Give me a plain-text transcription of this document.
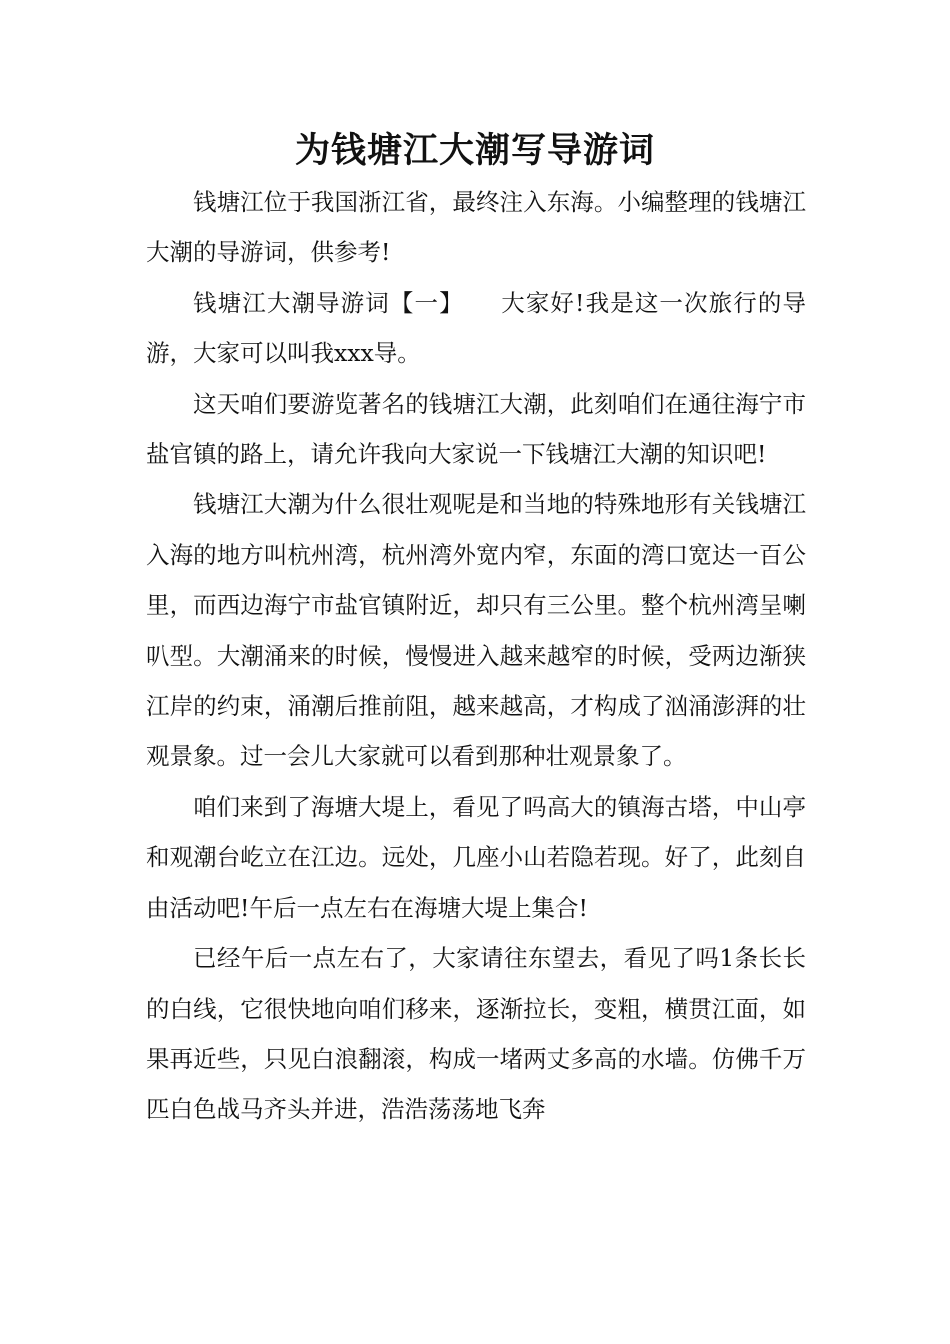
为钱塘江大潮写导游词

钱塘江位于我国浙江省，最终注入东海。小编整理的钱塘江大潮的导游词，供参考!

钱塘江大潮导游词【一】　　大家好!我是这一次旅行的导游，大家可以叫我xxx导。

这天咱们要游览著名的钱塘江大潮，此刻咱们在通往海宁市盐官镇的路上，请允许我向大家说一下钱塘江大潮的知识吧!

钱塘江大潮为什么很壮观呢是和当地的特殊地形有关钱塘江入海的地方叫杭州湾，杭州湾外宽内窄，东面的湾口宽达一百公里，而西边海宁市盐官镇附近，却只有三公里。整个杭州湾呈喇叭型。大潮涌来的时候，慢慢进入越来越窄的时候，受两边渐狭江岸的约束，涌潮后推前阻，越来越高，才构成了汹涌澎湃的壮观景象。过一会儿大家就可以看到那种壮观景象了。

咱们来到了海塘大堤上，看见了吗高大的镇海古塔，中山亭和观潮台屹立在江边。远处，几座小山若隐若现。好了，此刻自由活动吧!午后一点左右在海塘大堤上集合!

已经午后一点左右了，大家请往东望去，看见了吗1条长长的白线，它很快地向咱们移来，逐渐拉长，变粗，横贯江面，如果再近些，只见白浪翻滚，构成一堵两丈多高的水墙。仿佛千万匹白色战马齐头并进，浩浩荡荡地飞奔
